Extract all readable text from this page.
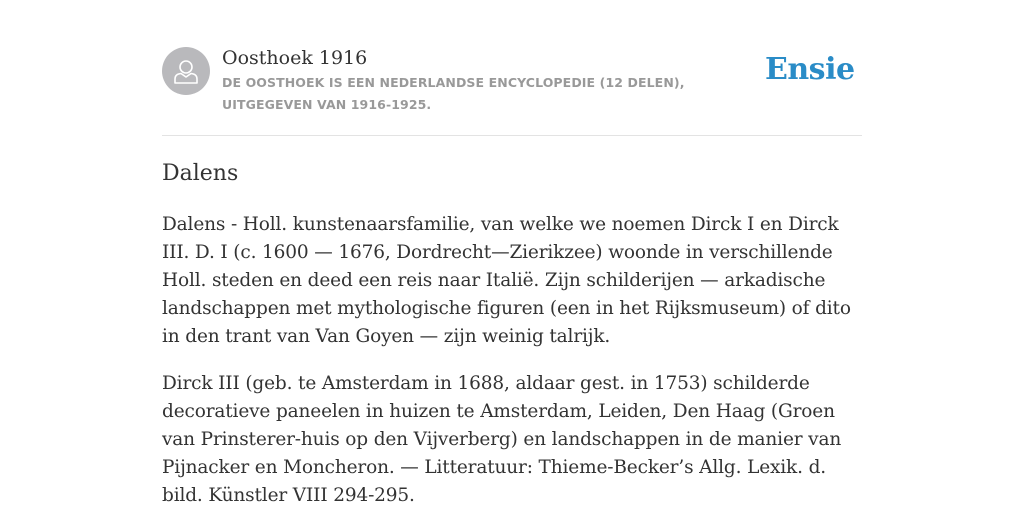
Oosthoek 1916
DE OOSTHOEK IS EEN NEDERLANDSE ENCYCLOPEDIE (12 DELEN), UITGEGEVEN VAN 1916-1925.
Ensie
Dalens

Dalens - Holl. kunstenaarsfamilie, van welke we noemen Dirck I en Dirck III. D. I (c. 1600 — 1676, Dordrecht—Zierikzee) woonde in verschillende Holl. steden en deed een reis naar Italië. Zijn schilderijen — arkadische landschappen met mythologische figuren (een in het Rijksmuseum) of dito in den trant van Van Goyen — zijn weinig talrijk.

Dirck III (geb. te Amsterdam in 1688, aldaar gest. in 1753) schilderde decoratieve paneelen in huizen te Amsterdam, Leiden, Den Haag (Groen van Prinsterer-huis op den Vijverberg) en landschappen in de manier van Pijnacker en Moncheron. — Litteratuur: Thieme-Becker’s Allg. Lexik. d. bild. Künstler VIII 294-295.
